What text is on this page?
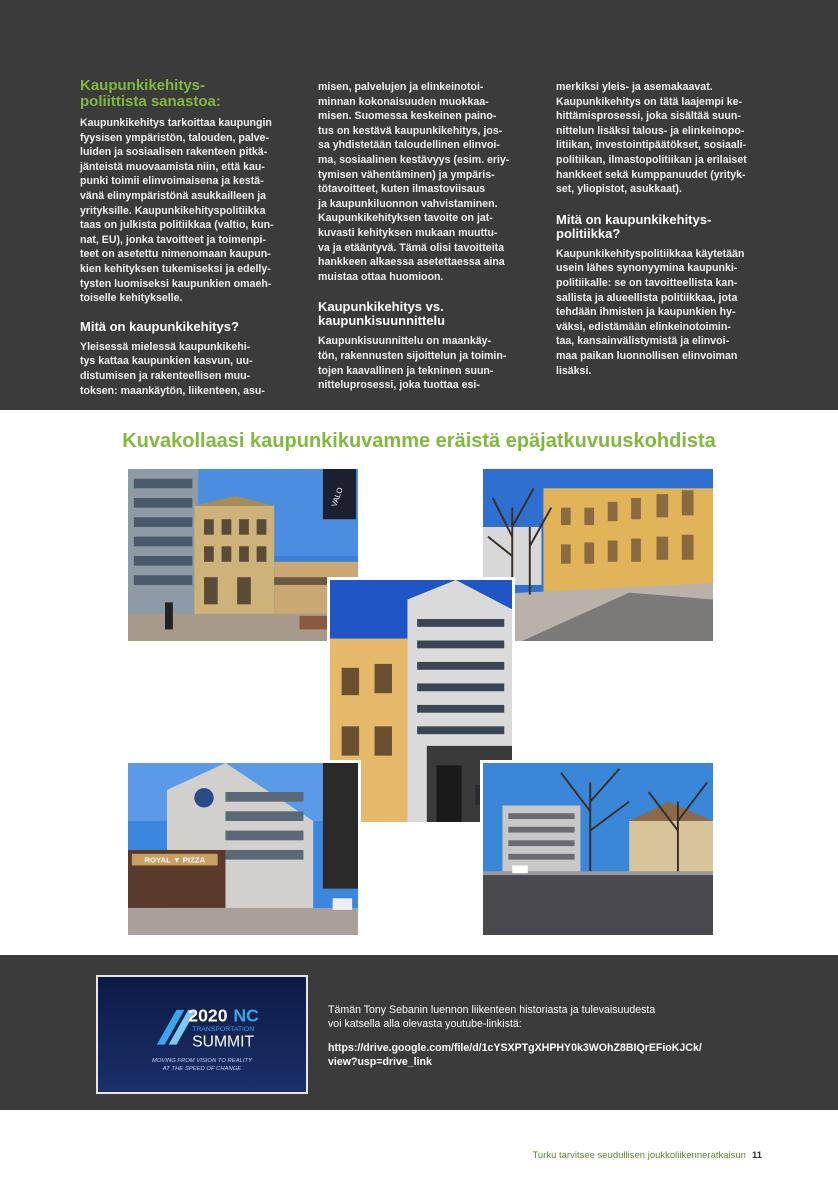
Kaupunkikehitys-
poliittista sanastoa:

Kaupunkikehitys tarkoittaa kaupungin
fyysisen ympäristön, talouden, palve-
luiden ja sosiaalisen rakenteen pitkä-
jänteistä muovaamista niin, että kau-
punki toimii elinvoimaisena ja kestä-
vänä elinympäristönä asukkailleen ja
yrityksille. Kaupunkikehityspolitiikka
taas on julkista politiikkaa (valtio, kun-
nat, EU), jonka tavoitteet ja toimenpi-
teet on asetettu nimenomaan kaupun-
kien kehityksen tukemiseksi ja edelly-
tysten luomiseksi kaupunkien omaeh-
toiselle kehitykselle.

Mitä on kaupunkikehitys?

Yleisessä mielessä kaupunkikehi-
tys kattaa kaupunkien kasvun, uu-
distumisen ja rakenteellisen muu-
toksen: maankäytön, liikenteen, asu-

misen, palvelujen ja elinkeinotoi-
minnan kokonaisuuden muokkaa-
misen. Suomessa keskeinen paino-
tus on kestävä kaupunkikehitys, jos-
sa yhdistetään taloudellinen elinvoi-
ma, sosiaalinen kestävyys (esim. eriy-
tymisen vähentäminen) ja ympäris-
tötavoitteet, kuten ilmastoviisaus
ja kaupunkiluonnon vahvistaminen.
Kaupunkikehityksen tavoite on jat-
kuvasti kehityksen mukaan muuttu-
va ja etääntyvä. Tämä olisi tavoitteita
hankkeen alkaessa asetettaessa aina
muistaa ottaa huomioon.

Kaupunkikehitys vs.
kaupunkisuunnittelu

Kaupunkisuunnittelu on maankäy-
tön, rakennusten sijoittelun ja toimin-
tojen kaavallinen ja tekninen suun-
nitteluprosessi, joka tuottaa esi-

merkiksi yleis- ja asemakaavat.
Kaupunkikehitys on tätä laajempi ke-
hittämisprosessi, joka sisältää suun-
nittelun lisäksi talous- ja elinkeinopo-
litiikan, investointipäätökset, sosiaali-
politiikan, ilmastopolitiikan ja erilaiset
hankkeet sekä kumppanuudet (yrityk-
set, yliopistot, asukkaat).

Mitä on kaupunkikehitys-
politiikka?

Kaupunkikehityspolitiikkaa käytetään
usein lähes synonyymina kaupunki-
politiikalle: se on tavoitteellista kan-
sallista ja alueellista politiikkaa, jota
tehdään ihmisten ja kaupunkien hy-
väksi, edistämään elinkeinotoimin-
taa, kansainvälistymistä ja elinvoi-
maa paikan luonnollisen elinvoiman
lisäksi.

Kuvakollaasi kaupunkikuvamme eräistä epäjatkuvuuskohdista
VALO
ROYAL ▼ PIZZA
2020 NC
TRANSPORTATION
SUMMIT
MOVING FROM VISION TO REALITY
AT THE SPEED OF CHANGE
Tämän Tony Sebanin luennon liikenteen historiasta ja tulevaisuudesta
voi katsella alla olevasta youtube-linkistä:
https://drive.google.com/file/d/1cYSXPTgXHPHY0k3WOhZ8BIQrEFioKJCk/
view?usp=drive_link
Turku tarvitsee seudullisen joukkoliikenneratkaisun 11
